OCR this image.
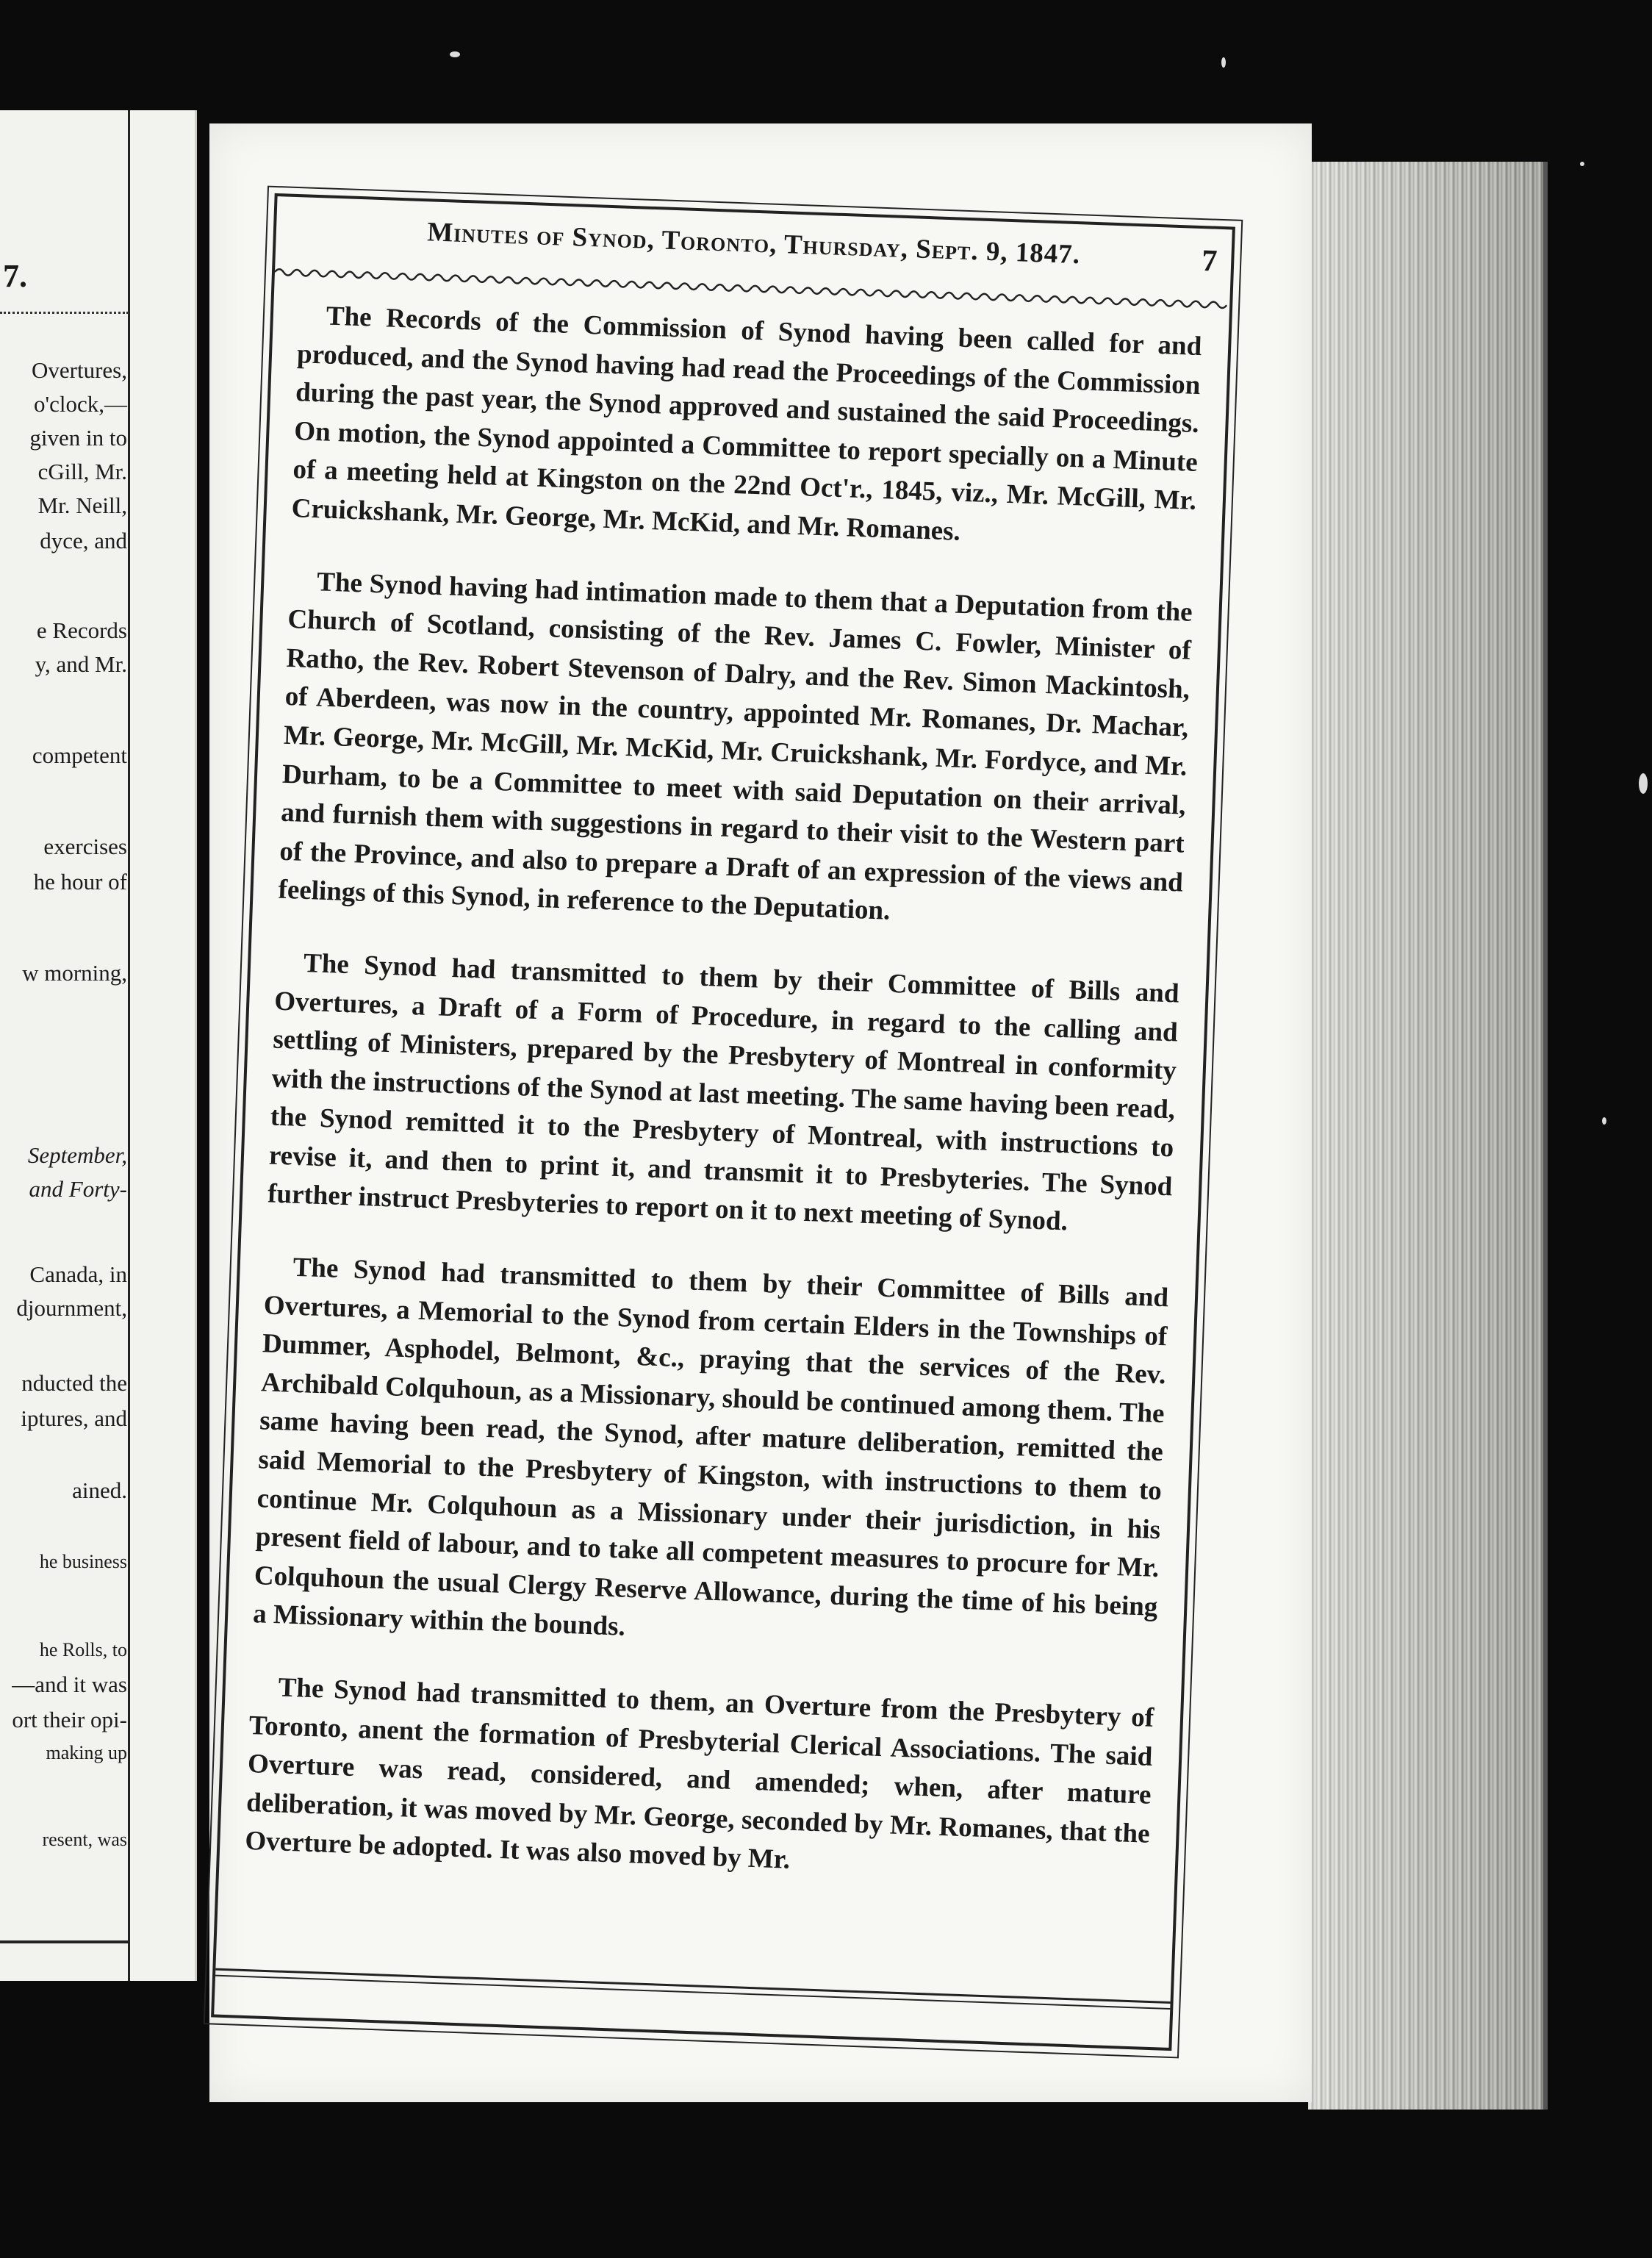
7.
Overtures,
o'clock,—
given in to
cGill, Mr.
Mr. Neill,
dyce, and
e Records
y, and Mr.
competent
exercises
he hour of
w morning,
September,
and Forty-
Canada, in
djournment,
nducted the
iptures, and
ained.
he business
he Rolls, to
—and it was
ort their opi-
making up
resent, was
Minutes of Synod, Toronto, Thursday, Sept. 9, 1847.	7

The Records of the Commission of Synod having been called for and produced, and the Synod having had read the Proceedings of the Commission during the past year, the Synod approved and sustained the said Proceedings. On motion, the Synod appointed a Committee to report specially on a Minute of a meeting held at Kingston on the 22nd Oct'r., 1845, viz., Mr. McGill, Mr. Cruickshank, Mr. George, Mr. McKid, and Mr. Romanes.

The Synod having had intimation made to them that a Deputation from the Church of Scotland, consisting of the Rev. James C. Fowler, Minister of Ratho, the Rev. Robert Stevenson of Dalry, and the Rev. Simon Mackintosh, of Aberdeen, was now in the country, appointed Mr. Romanes, Dr. Machar, Mr. George, Mr. McGill, Mr. McKid, Mr. Cruickshank, Mr. Fordyce, and Mr. Durham, to be a Committee to meet with said Deputation on their arrival, and furnish them with suggestions in regard to their visit to the Western part of the Province, and also to prepare a Draft of an expression of the views and feelings of this Synod, in reference to the Deputation.

The Synod had transmitted to them by their Committee of Bills and Overtures, a Draft of a Form of Procedure, in regard to the calling and settling of Ministers, prepared by the Presbytery of Montreal in conformity with the instructions of the Synod at last meeting. The same having been read, the Synod remitted it to the Presbytery of Montreal, with instructions to revise it, and then to print it, and transmit it to Presbyteries. The Synod further instruct Presbyteries to report on it to next meeting of Synod.

The Synod had transmitted to them by their Committee of Bills and Overtures, a Memorial to the Synod from certain Elders in the Townships of Dummer, Asphodel, Belmont, &c., praying that the services of the Rev. Archibald Colquhoun, as a Missionary, should be continued among them. The same having been read, the Synod, after mature deliberation, remitted the said Memorial to the Presbytery of Kingston, with instructions to them to continue Mr. Colquhoun as a Missionary under their jurisdiction, in his present field of labour, and to take all competent measures to procure for Mr. Colquhoun the usual Clergy Reserve Allowance, during the time of his being a Missionary within the bounds.

The Synod had transmitted to them, an Overture from the Presbytery of Toronto, anent the formation of Presbyterial Clerical Associations. The said Overture was read, considered, and amended; when, after mature deliberation, it was moved by Mr. George, seconded by Mr. Romanes, that the Overture be adopted. It was also moved by Mr.
